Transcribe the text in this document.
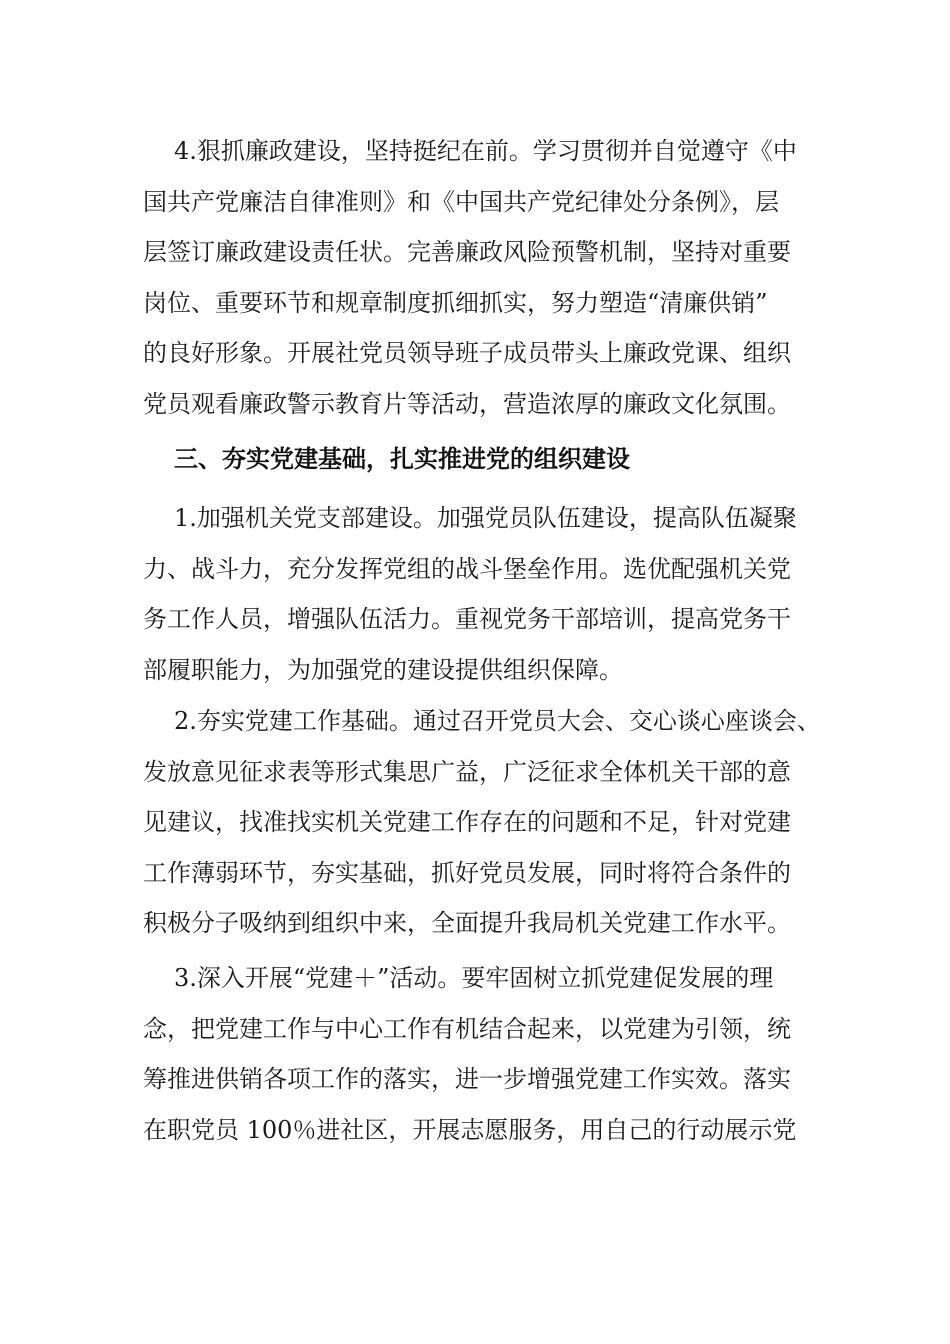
4.狠抓廉政建设，坚持挺纪在前。学习贯彻并自觉遵守《中
国共产党廉洁自律准则》和《中国共产党纪律处分条例》，层
层签订廉政建设责任状。完善廉政风险预警机制，坚持对重要
岗位、重要环节和规章制度抓细抓实，努力塑造“清廉供销”
的良好形象。开展社党员领导班子成员带头上廉政党课、组织
党员观看廉政警示教育片等活动，营造浓厚的廉政文化氛围。

三、夯实党建基础，扎实推进党的组织建设

1.加强机关党支部建设。加强党员队伍建设，提高队伍凝聚
力、战斗力，充分发挥党组的战斗堡垒作用。选优配强机关党
务工作人员，增强队伍活力。重视党务干部培训，提高党务干
部履职能力，为加强党的建设提供组织保障。

2.夯实党建工作基础。通过召开党员大会、交心谈心座谈会、
发放意见征求表等形式集思广益，广泛征求全体机关干部的意
见建议，找准找实机关党建工作存在的问题和不足，针对党建
工作薄弱环节，夯实基础，抓好党员发展，同时将符合条件的
积极分子吸纳到组织中来，全面提升我局机关党建工作水平。

3.深入开展“党建＋”活动。要牢固树立抓党建促发展的理
念，把党建工作与中心工作有机结合起来，以党建为引领，统
筹推进供销各项工作的落实，进一步增强党建工作实效。落实
在职党员 100％进社区，开展志愿服务，用自己的行动展示党
